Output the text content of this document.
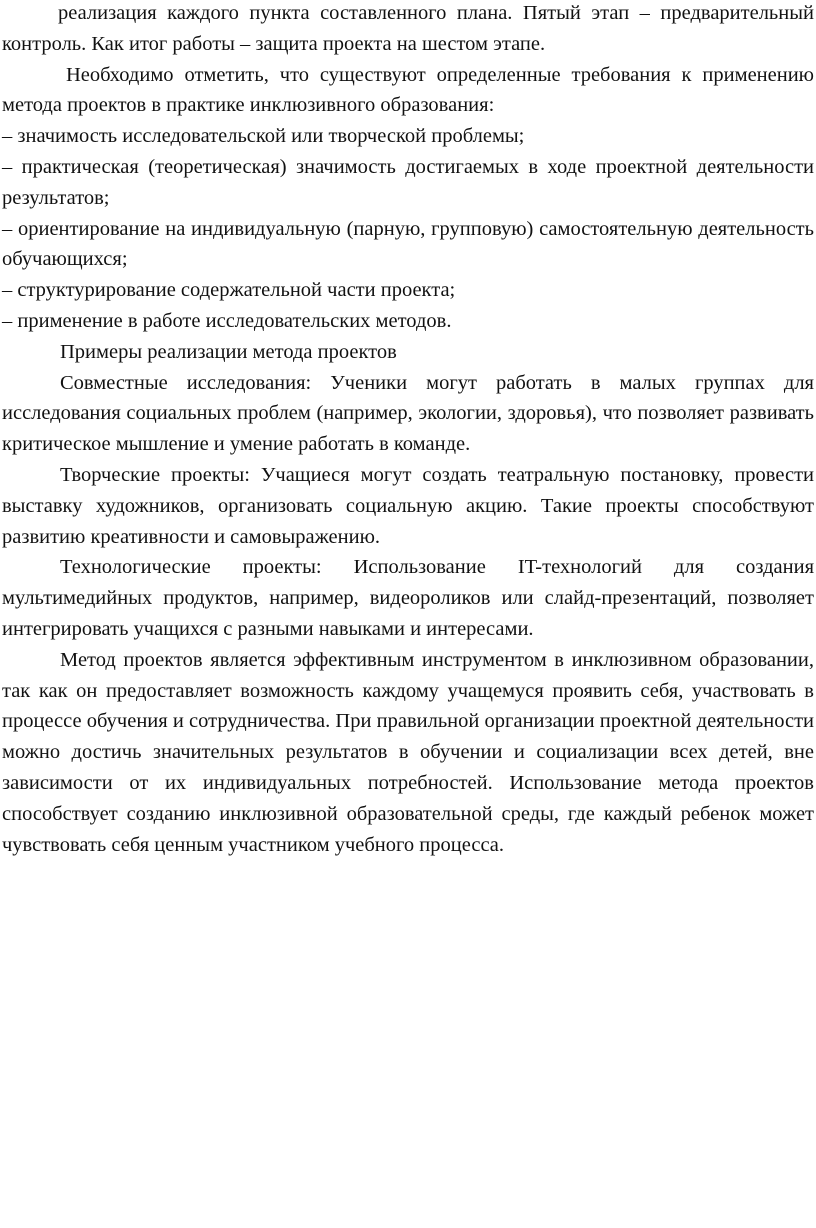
реализация каждого пункта составленного плана. Пятый этап – предварительный контроль. Как итог работы – защита проекта на шестом этапе.

Необходимо отметить, что существуют определенные требования к применению метода проектов в практике инклюзивного образования:

– значимость исследовательской или творческой проблемы;

– практическая (теоретическая) значимость достигаемых в ходе проектной деятельности результатов;

– ориентирование на индивидуальную (парную, групповую) самостоятельную деятельность обучающихся;

– структурирование содержательной части проекта;

– применение в работе исследовательских методов.

Примеры реализации метода проектов

Совместные исследования: Ученики могут работать в малых группах для исследования социальных проблем (например, экологии, здоровья), что позволяет развивать критическое мышление и умение работать в команде.

Творческие проекты: Учащиеся могут создать театральную постановку, провести выставку художников, организовать социальную акцию. Такие проекты способствуют развитию креативности и самовыражению.

Технологические проекты: Использование IT-технологий для создания мультимедийных продуктов, например, видеороликов или слайд-презентаций, позволяет интегрировать учащихся с разными навыками и интересами.

Метод проектов является эффективным инструментом в инклюзивном образовании, так как он предоставляет возможность каждому учащемуся проявить себя, участвовать в процессе обучения и сотрудничества. При правильной организации проектной деятельности можно достичь значительных результатов в обучении и социализации всех детей, вне зависимости от их индивидуальных потребностей. Использование метода проектов способствует созданию инклюзивной образовательной среды, где каждый ребенок может чувствовать себя ценным участником учебного процесса.
